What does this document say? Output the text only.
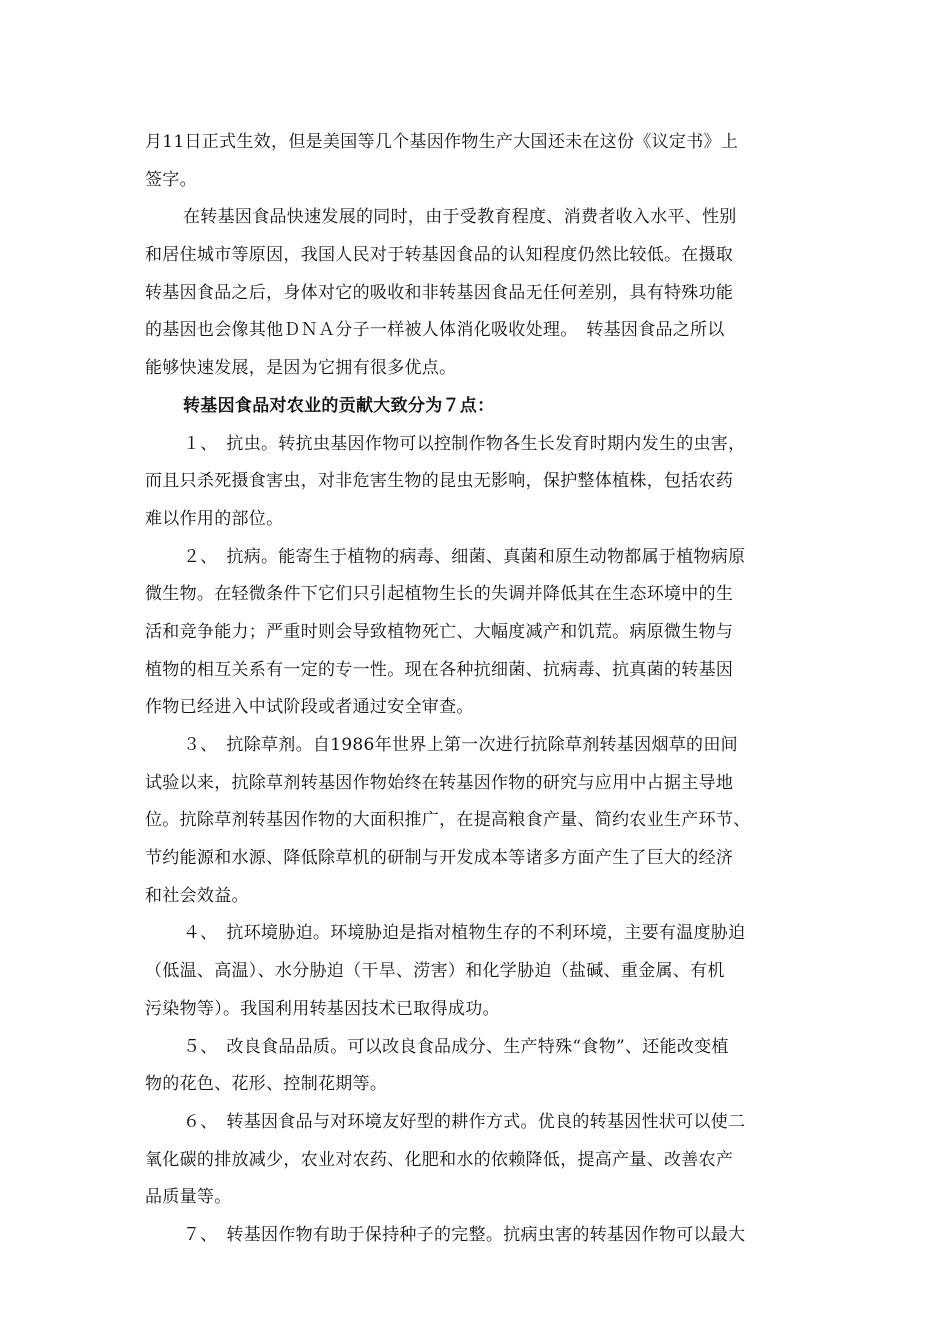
月11日正式生效，但是美国等几个基因作物生产大国还未在这份《议定书》上
签字。
在转基因食品快速发展的同时，由于受教育程度、消费者收入水平、性别
和居住城市等原因，我国人民对于转基因食品的认知程度仍然比较低。在摄取
转基因食品之后，身体对它的吸收和非转基因食品无任何差别，具有特殊功能
的基因也会像其他ＤＮＡ分子一样被人体消化吸收处理。　转基因食品之所以
能够快速发展，是因为它拥有很多优点。
转基因食品对农业的贡献大致分为７点：
１、　抗虫。转抗虫基因作物可以控制作物各生长发育时期内发生的虫害，
而且只杀死摄食害虫，对非危害生物的昆虫无影响，保护整体植株，包括农药
难以作用的部位。
２、　抗病。能寄生于植物的病毒、细菌、真菌和原生动物都属于植物病原
微生物。在轻微条件下它们只引起植物生长的失调并降低其在生态环境中的生
活和竞争能力；严重时则会导致植物死亡、大幅度减产和饥荒。病原微生物与
植物的相互关系有一定的专一性。现在各种抗细菌、抗病毒、抗真菌的转基因
作物已经进入中试阶段或者通过安全审查。
３、　抗除草剂。自1986年世界上第一次进行抗除草剂转基因烟草的田间
试验以来，抗除草剂转基因作物始终在转基因作物的研究与应用中占据主导地
位。抗除草剂转基因作物的大面积推广，在提高粮食产量、简约农业生产环节、
节约能源和水源、降低除草机的研制与开发成本等诸多方面产生了巨大的经济
和社会效益。
４、　抗环境胁迫。环境胁迫是指对植物生存的不利环境，主要有温度胁迫
（低温、高温）、水分胁迫（干旱、涝害）和化学胁迫（盐碱、重金属、有机
污染物等）。我国利用转基因技术已取得成功。
５、　改良食品品质。可以改良食品成分、生产特殊“食物”、还能改变植
物的花色、花形、控制花期等。
６、　转基因食品与对环境友好型的耕作方式。优良的转基因性状可以使二
氧化碳的排放减少，农业对农药、化肥和水的依赖降低，提高产量、改善农产
品质量等。
７、　转基因作物有助于保持种子的完整。抗病虫害的转基因作物可以最大
